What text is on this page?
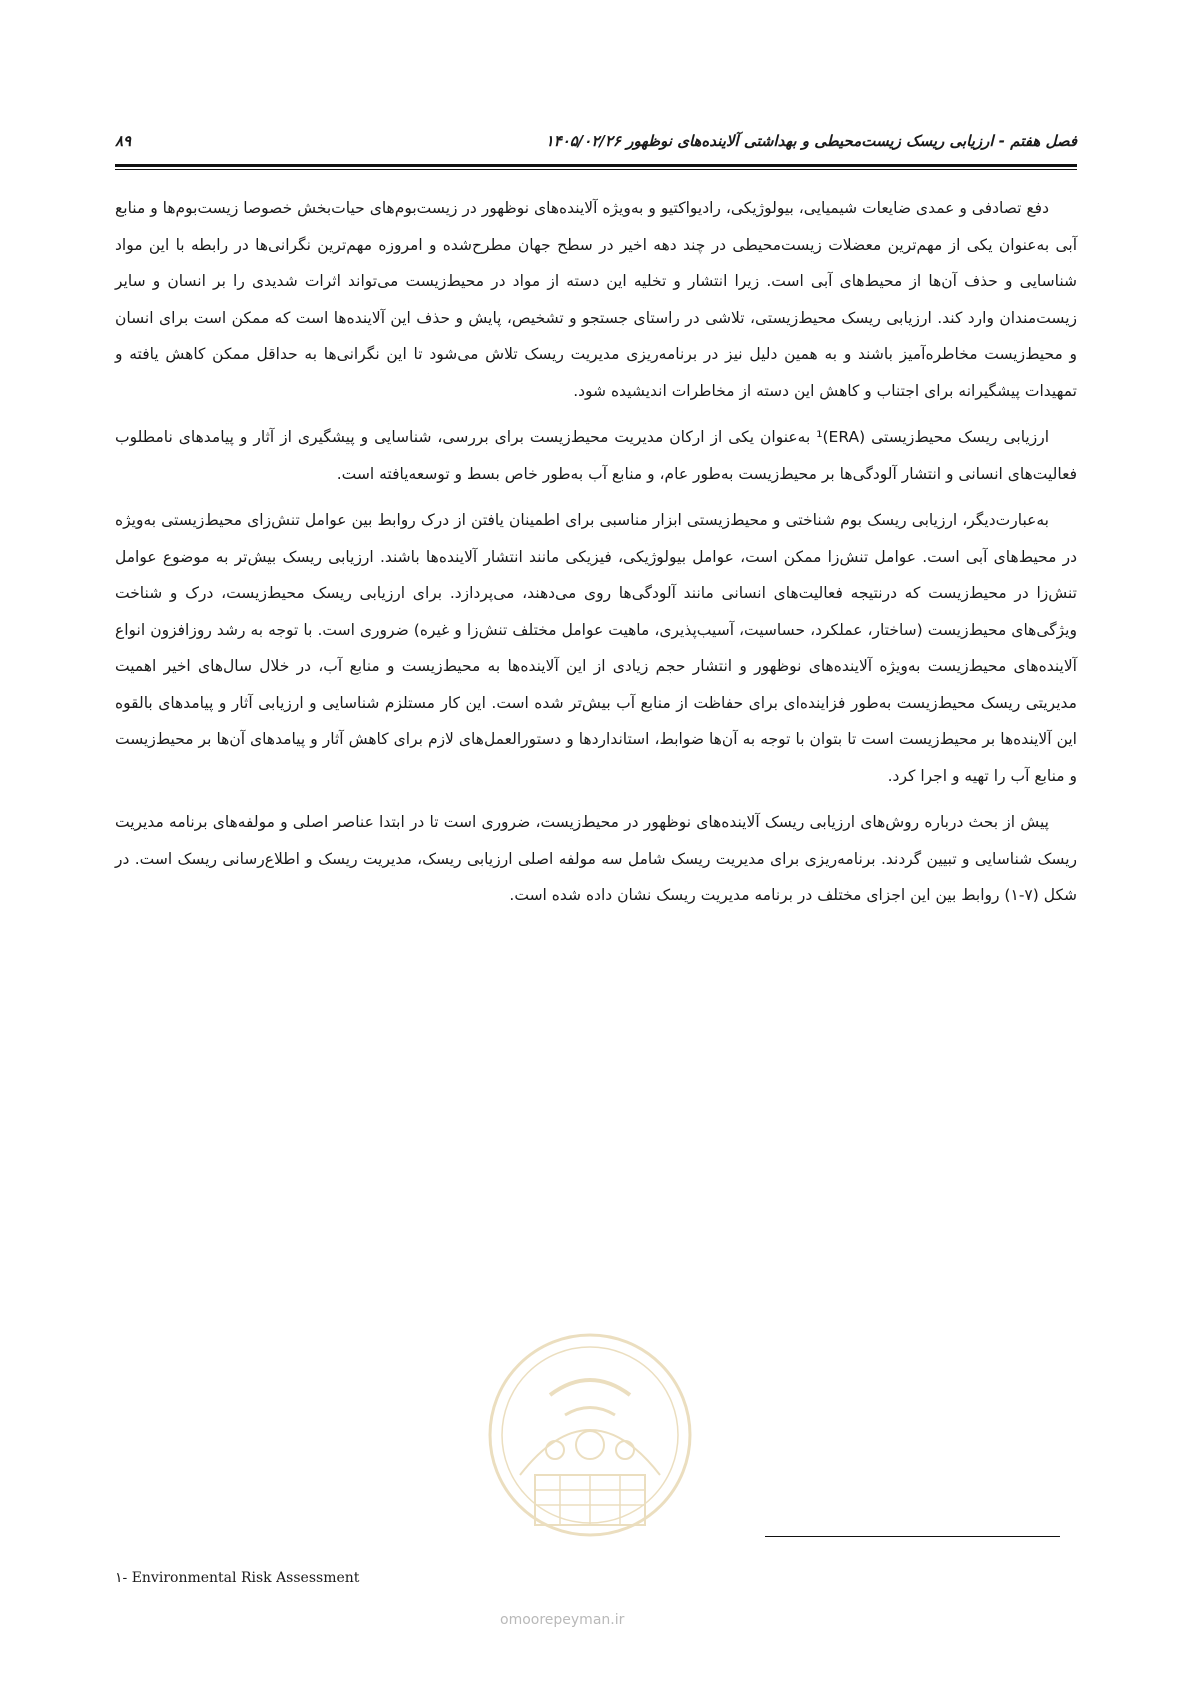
فصل هفتم - ارزیابی ریسک زیست‌محیطی و بهداشتی آلاینده‌های نوظهور ۱۴۰۵/۰۲/۲۶
۸۹

دفع تصادفی و عمدی ضایعات شیمیایی، بیولوژیکی، رادیواکتیو و به‌ویژه آلاینده‌های نوظهور در زیست‌بوم‌های حیات‌بخش خصوصا زیست‌بوم‌ها و منابع آبی به‌عنوان یکی از مهم‌ترین معضلات زیست‌محیطی در چند دهه اخیر در سطح جهان مطرح‌شده و امروزه مهم‌ترین نگرانی‌ها در رابطه با این مواد شناسایی و حذف آن‌ها از محیط‌های آبی است. زیرا انتشار و تخلیه این دسته از مواد در محیط‌زیست می‌تواند اثرات شدیدی را بر انسان و سایر زیست‌مندان وارد کند. ارزیابی ریسک محیط‌زیستی، تلاشی در راستای جستجو و تشخیص، پایش و حذف این آلاینده‌ها است که ممکن است برای انسان و محیط‌زیست مخاطره‌آمیز باشند و به همین دلیل نیز در برنامه‌ریزی مدیریت ریسک تلاش می‌شود تا این نگرانی‌ها به حداقل ممکن کاهش یافته و تمهیدات پیشگیرانه برای اجتناب و کاهش این دسته از مخاطرات اندیشیده شود.

ارزیابی ریسک محیط‌زیستی (ERA)¹ به‌عنوان یکی از ارکان مدیریت محیط‌زیست برای بررسی، شناسایی و پیشگیری از آثار و پیامدهای نامطلوب فعالیت‌های انسانی و انتشار آلودگی‌ها بر محیط‌زیست به‌طور عام، و منابع آب به‌طور خاص بسط و توسعه‌یافته است.

به‌عبارت‌دیگر، ارزیابی ریسک بوم شناختی و محیط‌زیستی ابزار مناسبی برای اطمینان یافتن از درک روابط بین عوامل تنش‌زای محیط‌زیستی به‌ویژه در محیط‌های آبی است. عوامل تنش‌زا ممکن است، عوامل بیولوژیکی، فیزیکی مانند انتشار آلاینده‌ها باشند. ارزیابی ریسک بیش‌تر به موضوع عوامل تنش‌زا در محیط‌زیست که درنتیجه فعالیت‌های انسانی مانند آلودگی‌ها روی می‌دهند، می‌پردازد. برای ارزیابی ریسک محیط‌زیست، درک و شناخت ویژگی‌های محیط‌زیست (ساختار، عملکرد، حساسیت، آسیب‌پذیری، ماهیت عوامل مختلف تنش‌زا و غیره) ضروری است. با توجه به رشد روزافزون انواع آلاینده‌های محیط‌زیست به‌ویژه آلاینده‌های نوظهور و انتشار حجم زیادی از این آلاینده‌ها به محیط‌زیست و منابع آب، در خلال سال‌های اخیر اهمیت مدیریتی ریسک محیط‌زیست به‌طور فزاینده‌ای برای حفاظت از منابع آب بیش‌تر شده است. این کار مستلزم شناسایی و ارزیابی آثار و پیامدهای بالقوه این آلاینده‌ها بر محیط‌زیست است تا بتوان با توجه به آن‌ها ضوابط، استانداردها و دستورالعمل‌های لازم برای کاهش آثار و پیامدهای آن‌ها بر محیط‌زیست و منابع آب را تهیه و اجرا کرد.

پیش از بحث درباره روش‌های ارزیابی ریسک آلاینده‌های نوظهور در محیط‌زیست، ضروری است تا در ابتدا عناصر اصلی و مولفه‌های برنامه مدیریت ریسک شناسایی و تبیین گردند. برنامه‌ریزی برای مدیریت ریسک شامل سه مولفه اصلی ارزیابی ریسک، مدیریت ریسک و اطلاع‌رسانی ریسک است. در شکل (۷-۱) روابط بین این اجزای مختلف در برنامه مدیریت ریسک نشان داده شده است.

۱- Environmental Risk Assessment
omoorepeyman.ir
